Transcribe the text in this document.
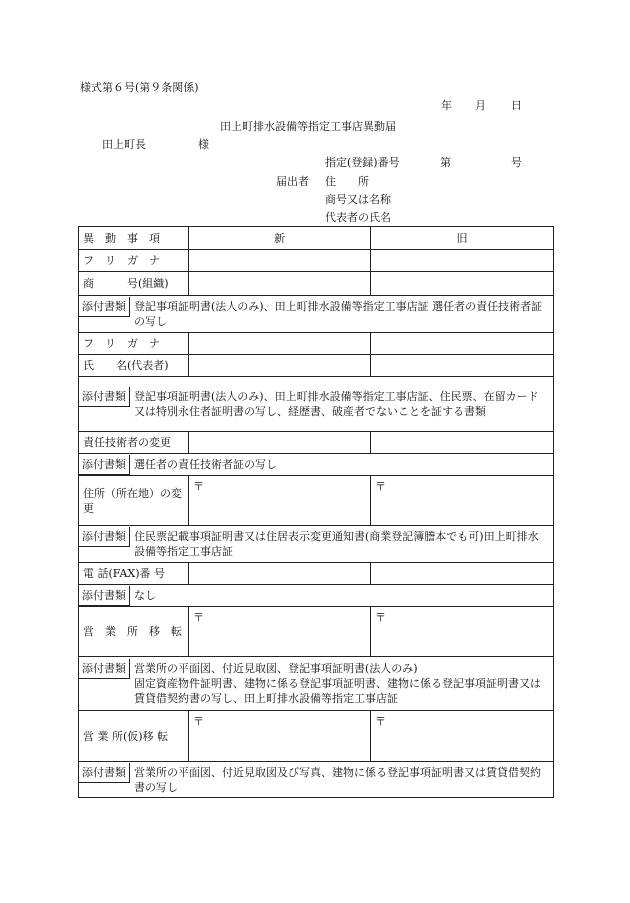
様式第６号(第９条関係)
年 月 日
田上町排水設備等指定工事店異動届
田上町長	様
指定(登録)番号	第	号
届出者 住　　所
商号又は名称
代表者の氏名
異　動　事　項	新	旧
フ　リ　ガ　ナ		
商　　　号(組織)		

添付書類 登記事項証明書(法人のみ)、田上町排水設備等指定工事店証 選任者の責任技術者証の写し		

フ　リ　ガ　ナ		
氏　　名(代表者)		

添付書類 登記事項証明書(法人のみ)、田上町排水設備等指定工事店証、住民票、在留カード又は特別永住者証明書の写し、経歴書、破産者でないことを証する書類		

責任技術者の変更		

添付書類 選任者の責任技術者証の写し		

住所（所在地）の変更	〒	〒

添付書類 住民票記載事項証明書又は住居表示変更通知書(商業登記簿謄本でも可)田上町排水設備等指定工事店証		

電 話(FAX)番 号		

添付書類 なし		

営　業　所　移　転	〒	〒

添付書類 営業所の平面図、付近見取図、登記事項証明書(法人のみ)
固定資産物件証明書、建物に係る登記事項証明書、建物に係る登記事項証明書又は賃貸借契約書の写し、田上町排水設備等指定工事店証		

営 業 所(仮)移 転	〒	〒

添付書類 営業所の平面図、付近見取図及び写真、建物に係る登記事項証明書又は賃貸借契約書の写し		
